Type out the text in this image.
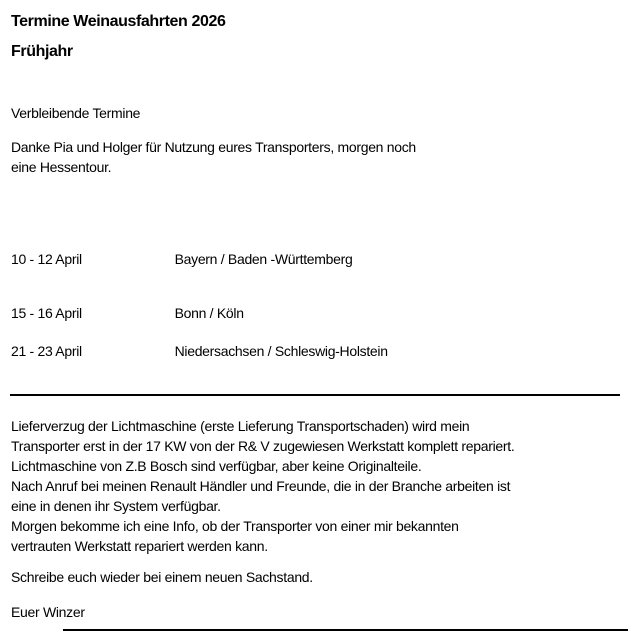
Termine Weinausfahrten 2026
Frühjahr
Verbleibende Termine
Danke Pia und Holger für Nutzung eures Transporters, morgen noch
eine Hessentour.
10 - 12 April	Bayern / Baden -Württemberg
15 - 16 April	Bonn / Köln
21 - 23 April	Niedersachsen / Schleswig-Holstein
Lieferverzug der Lichtmaschine (erste Lieferung Transportschaden) wird mein
Transporter erst in der 17 KW von der R& V zugewiesen Werkstatt komplett repariert.
Lichtmaschine von Z.B Bosch sind verfügbar, aber keine Originalteile.
Nach Anruf bei meinen Renault Händler und Freunde, die in der Branche arbeiten ist
eine in denen ihr System verfügbar.
Morgen bekomme ich eine Info, ob der Transporter von einer mir bekannten
vertrauten Werkstatt repariert werden kann.
Schreibe euch wieder bei einem neuen Sachstand.
Euer Winzer
